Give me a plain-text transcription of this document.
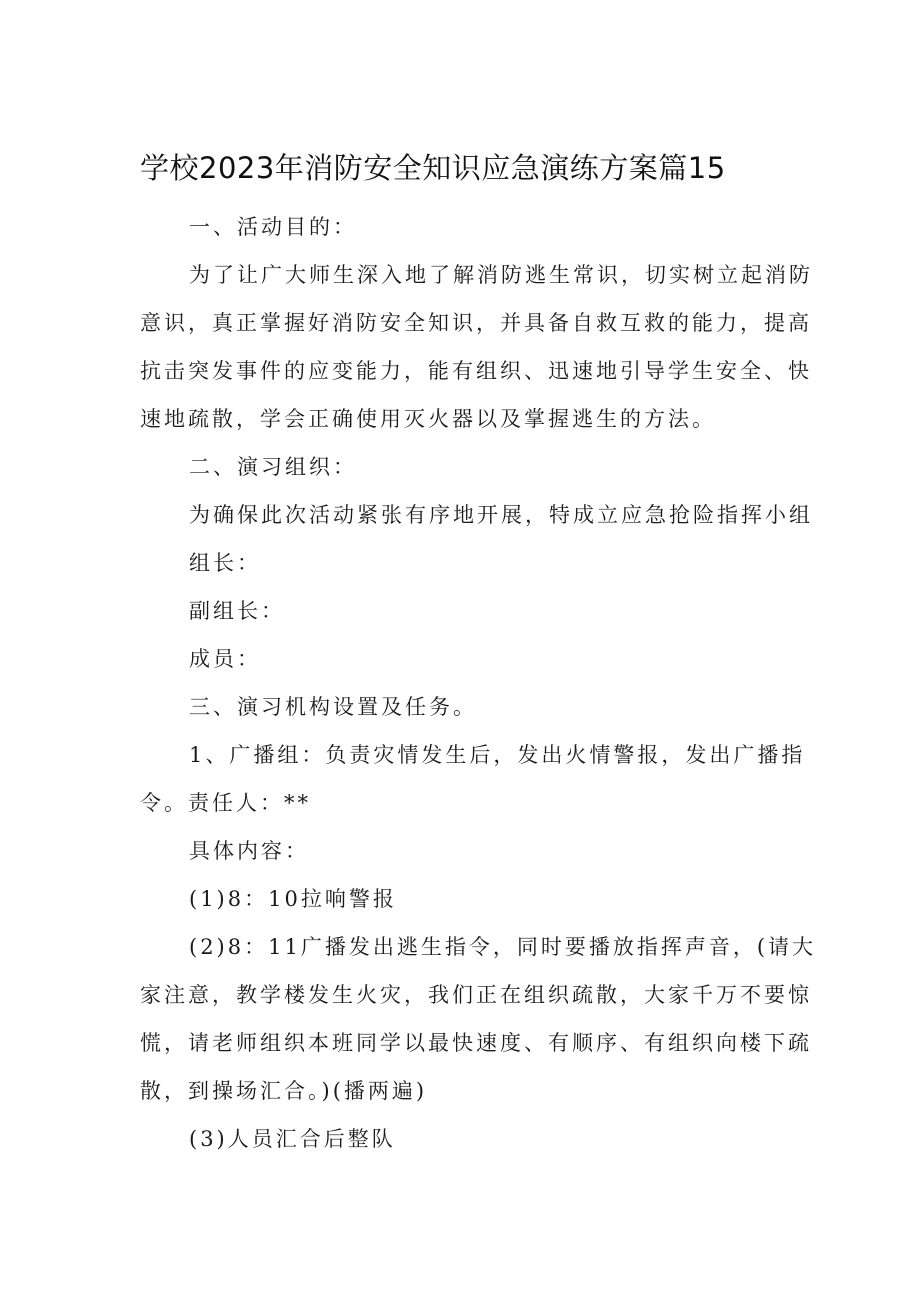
学校2023年消防安全知识应急演练方案篇15

一、活动目的：

为了让广大师生深入地了解消防逃生常识，切实树立起消防
意识，真正掌握好消防安全知识，并具备自救互救的能力，提高
抗击突发事件的应变能力，能有组织、迅速地引导学生安全、快
速地疏散，学会正确使用灭火器以及掌握逃生的方法。

二、演习组织：

为确保此次活动紧张有序地开展，特成立应急抢险指挥小组

组长：

副组长：

成员：

三、演习机构设置及任务。

1、广播组：负责灾情发生后，发出火情警报，发出广播指
令。责任人：**

具体内容：

(1)8：10拉响警报

(2)8：11广播发出逃生指令，同时要播放指挥声音，(请大
家注意，教学楼发生火灾，我们正在组织疏散，大家千万不要惊
慌，请老师组织本班同学以最快速度、有顺序、有组织向楼下疏
散，到操场汇合。)(播两遍)

(3)人员汇合后整队
